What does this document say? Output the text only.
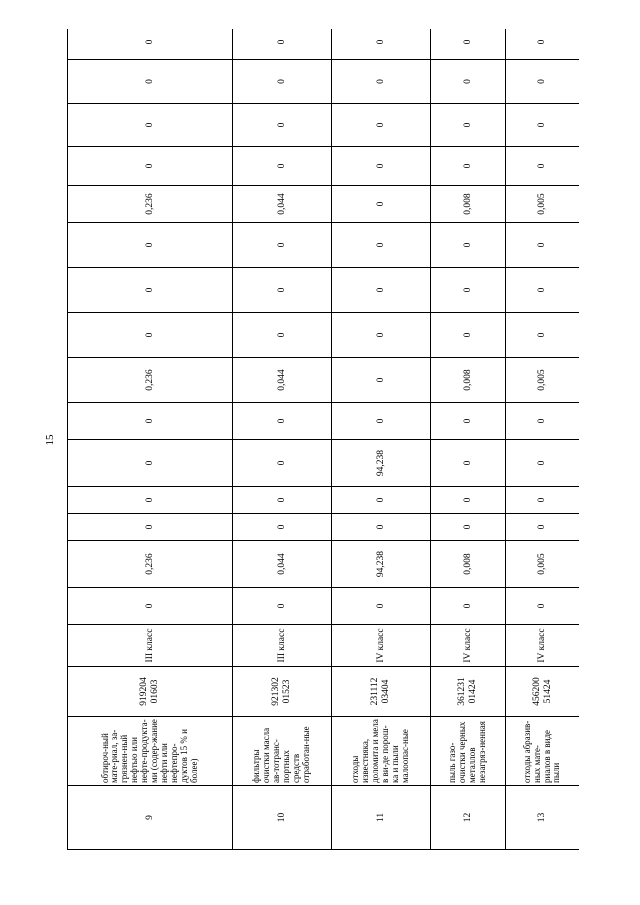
15
9	обтироч-ный мате-риал, за-грязнен-ный нефтью или нефте-продукта-ми (содер-жание нефти или нефтепро-дуктов 15 % и более)	919204 01603	III класс	0	0,236	0	0	0	0	0,236	0	0	0	0,236	0	0	0	0
10	фильтры очистки масла ав-тотранс-портных средств отработан-ные	921302 01523	III класс	0	0,044	0	0	0	0	0,044	0	0	0	0,044	0	0	0	0
11	отходы известняка, доломита и мела в ви-де порош-ка и пыли малоопас-ные	231112 03404	IV класс	0	94,238	0	0	94,238	0	0	0	0	0	0	0	0	0	0
12	пыль газо-очистки черных металлов незагряз-ненная	361231 01424	IV класс	0	0,008	0	0	0	0	0,008	0	0	0	0,008	0	0	0	0
13	отходы абразив-ных мате-риалов в виде пыли	456200 51424	IV класс	0	0,005	0	0	0	0	0,005	0	0	0	0,005	0	0	0	0
